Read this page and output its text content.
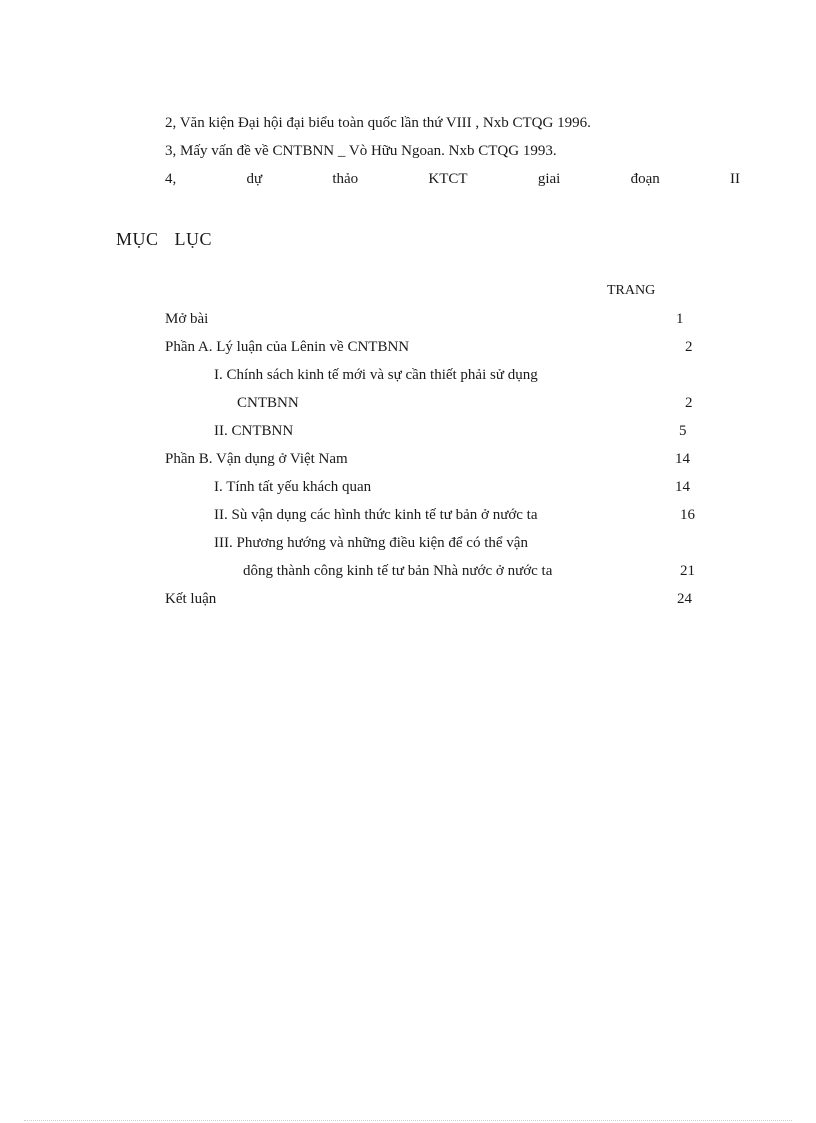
2, Văn kiện Đại hội đại biểu toàn quốc lần thứ VIII , Nxb CTQG 1996.
3, Mấy vấn đề về CNTBNN _ Vò Hữu Ngoan. Nxb CTQG 1993.
4,	dự	thảo	KTCT	giai	đoạn	II
MỤC LỤC
TRANG
Mở bài	1
Phần A. Lý luận của Lênin về CNTBNN	2
I. Chính sách kinh tế mới và sự cần thiết phải sử dụng
CNTBNN	2
II. CNTBNN	5
Phần B. Vận dụng ở Việt Nam	14
I. Tính tất yếu khách quan	14
II. Sù vận dụng các hình thức kinh tế tư bản ở nước ta	16
III. Phương hướng và những điều kiện để có thể vận
dông thành công kinh tế tư bản Nhà nước ở nước ta	21
Kết luận	24
